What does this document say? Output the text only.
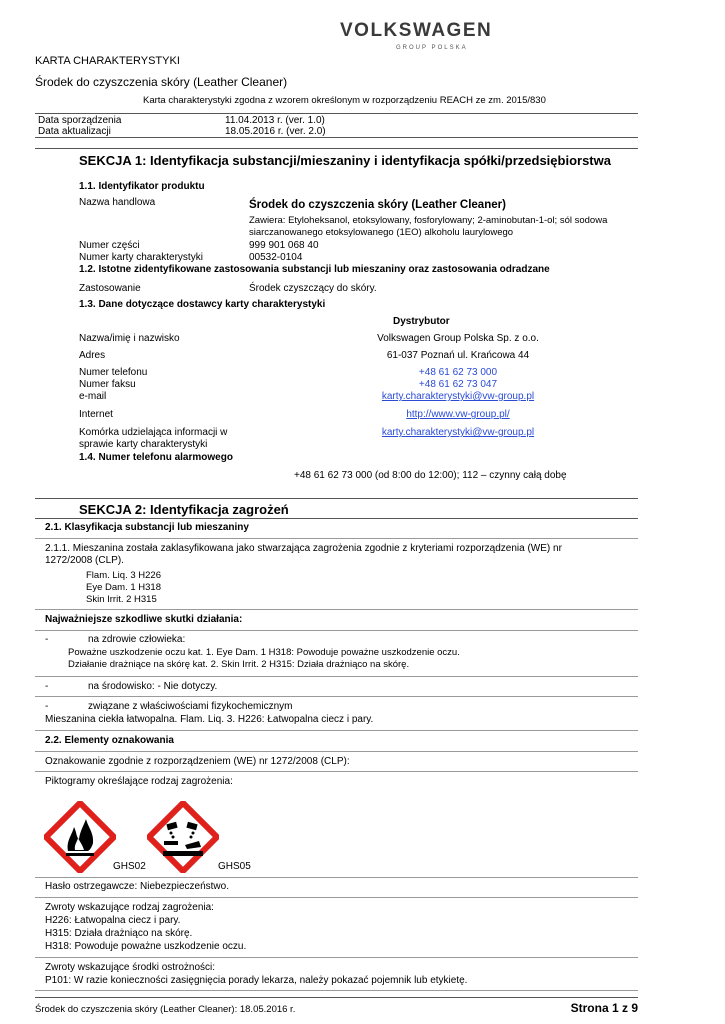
VOLKSWAGEN
GROUP POLSKA
KARTA CHARAKTERYSTYKI
Środek do czyszczenia skóry (Leather Cleaner)
Karta charakterystyki zgodna z wzorem określonym w rozporządzeniu REACH ze zm. 2015/830
Data sporządzenia	11.04.2013 r. (ver. 1.0)
Data aktualizacji	18.05.2016 r. (ver. 2.0)
SEKCJA 1: Identyfikacja substancji/mieszaniny i identyfikacja spółki/przedsiębiorstwa
1.1. Identyfikator produktu
Nazwa handlowa	Środek do czyszczenia skóry (Leather Cleaner)
Zawiera: Etyloheksanol, etoksylowany, fosforylowany; 2-aminobutan-1-ol; sól sodowa
siarczanowanego etoksylowanego (1EO) alkoholu laurylowego
Numer części	999 901 068 40
Numer karty charakterystyki	00532-0104
1.2. Istotne zidentyfikowane zastosowania substancji lub mieszaniny oraz zastosowania odradzane
Zastosowanie	Środek czyszczący do skóry.
1.3. Dane dotyczące dostawcy karty charakterystyki
Dystrybutor
Nazwa/imię i nazwisko	Volkswagen Group Polska Sp. z o.o.
Adres	61-037 Poznań ul. Krańcowa 44
Numer telefonu	+48 61 62 73 000
Numer faksu	+48 61 62 73 047
e-mail	karty.charakterystyki@vw-group.pl
Internet	http://www.vw-group.pl/
Komórka udzielająca informacji w
sprawie karty charakterystyki
karty.charakterystyki@vw-group.pl
1.4. Numer telefonu alarmowego
+48 61 62 73 000 (od 8:00 do 12:00); 112 – czynny całą dobę
SEKCJA 2: Identyfikacja zagrożeń
2.1. Klasyfikacja substancji lub mieszaniny
2.1.1. Mieszanina została zaklasyfikowana jako stwarzająca zagrożenia zgodnie z kryteriami rozporządzenia (WE) nr
1272/2008 (CLP).
Flam. Liq. 3 H226
Eye Dam. 1 H318
Skin Irrit. 2 H315
Najważniejsze szkodliwe skutki działania:
-	na zdrowie człowieka:
Poważne uszkodzenie oczu kat. 1. Eye Dam. 1 H318: Powoduje poważne uszkodzenie oczu.
Działanie drażniące na skórę kat. 2. Skin Irrit. 2 H315: Działa drażniąco na skórę.
-	na środowisko: - Nie dotyczy.
-	związane z właściwościami fizykochemicznym
Mieszanina ciekła łatwopalna. Flam. Liq. 3. H226: Łatwopalna ciecz i pary.
2.2. Elementy oznakowania
Oznakowanie zgodnie z rozporządzeniem (WE) nr 1272/2008 (CLP):
Piktogramy określające rodzaj zagrożenia:
GHS02	GHS05
Hasło ostrzegawcze: Niebezpieczeństwo.
Zwroty wskazujące rodzaj zagrożenia:
H226: Łatwopalna ciecz i pary.
H315: Działa drażniąco na skórę.
H318: Powoduje poważne uszkodzenie oczu.
Zwroty wskazujące środki ostrożności:
P101: W razie konieczności zasięgnięcia porady lekarza, należy pokazać pojemnik lub etykietę.
Środek do czyszczenia skóry (Leather Cleaner): 18.05.2016 r.	Strona 1 z 9
